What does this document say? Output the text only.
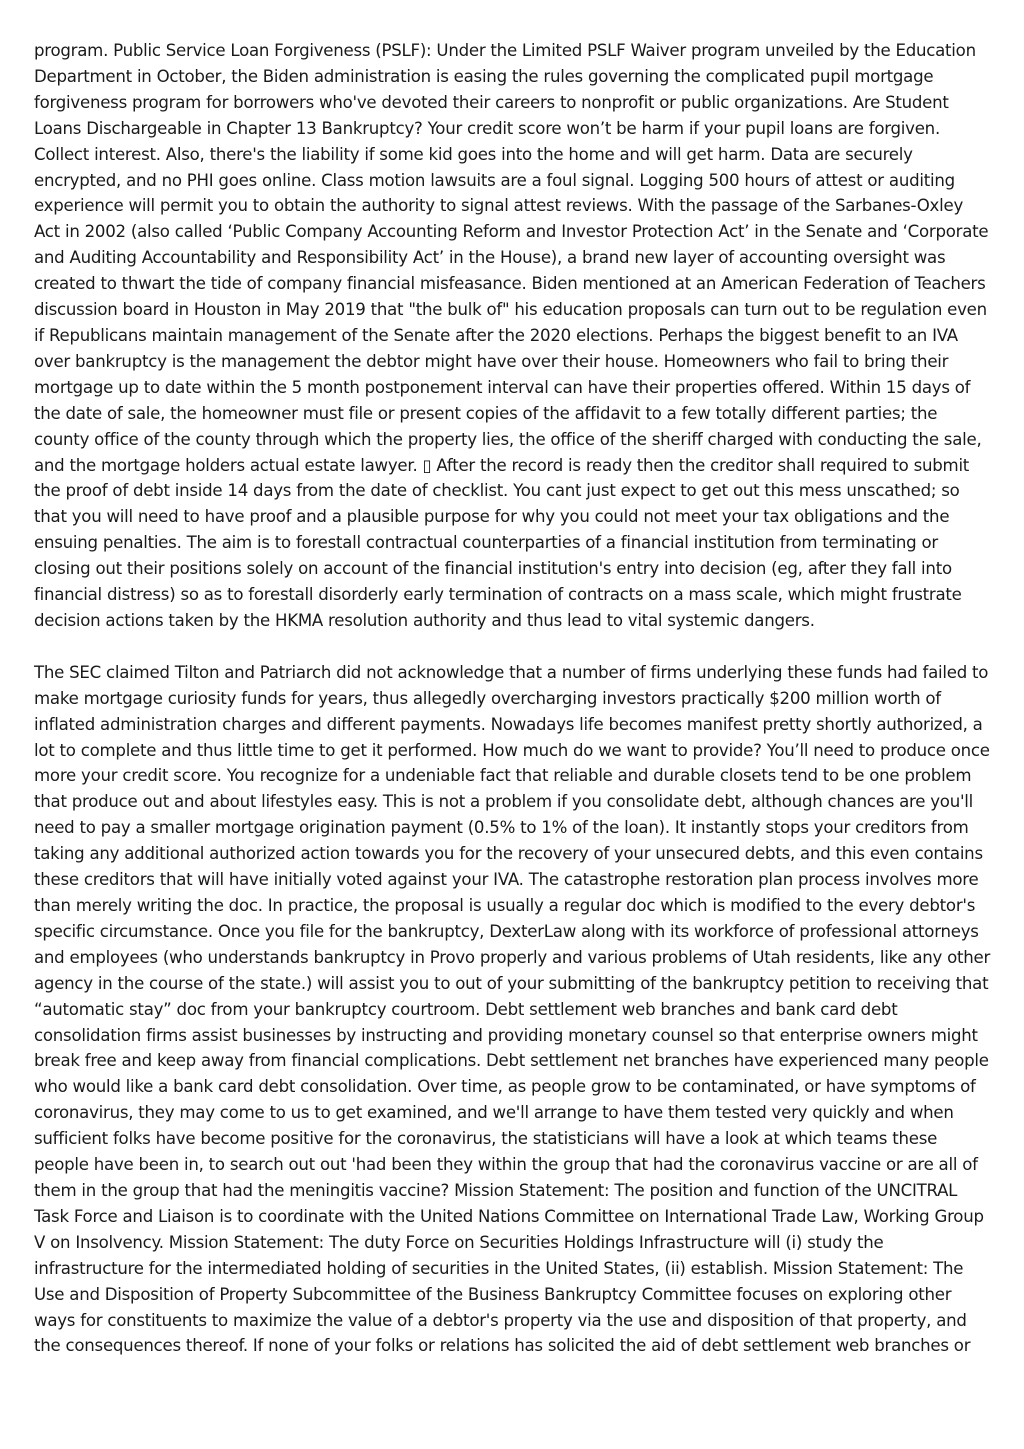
program. Public Service Loan Forgiveness (PSLF): Under the Limited PSLF Waiver program unveiled by the Education Department in October, the Biden administration is easing the rules governing the complicated pupil mortgage forgiveness program for borrowers who've devoted their careers to nonprofit or public organizations. Are Student Loans Dischargeable in Chapter 13 Bankruptcy? Your credit score won’t be harm if your pupil loans are forgiven. Collect interest. Also, there's the liability if some kid goes into the home and will get harm. Data are securely encrypted, and no PHI goes online. Class motion lawsuits are a foul signal. Logging 500 hours of attest or auditing experience will permit you to obtain the authority to signal attest reviews. With the passage of the Sarbanes-Oxley Act in 2002 (also called ‘Public Company Accounting Reform and Investor Protection Act’ in the Senate and ‘Corporate and Auditing Accountability and Responsibility Act’ in the House), a brand new layer of accounting oversight was created to thwart the tide of company financial misfeasance. Biden mentioned at an American Federation of Teachers discussion board in Houston in May 2019 that "the bulk of" his education proposals can turn out to be regulation even if Republicans maintain management of the Senate after the 2020 elections. Perhaps the biggest benefit to an IVA over bankruptcy is the management the debtor might have over their house. Homeowners who fail to bring their mortgage up to date within the 5 month postponement interval can have their properties offered. Within 15 days of the date of sale, the homeowner must file or present copies of the affidavit to a few totally different parties; the county office of the county through which the property lies, the office of the sheriff charged with conducting the sale, and the mortgage holders actual estate lawyer. ▯ After the record is ready then the creditor shall required to submit the proof of debt inside 14 days from the date of checklist. You cant just expect to get out this mess unscathed; so that you will need to have proof and a plausible purpose for why you could not meet your tax obligations and the ensuing penalties. The aim is to forestall contractual counterparties of a financial institution from terminating or closing out their positions solely on account of the financial institution's entry into decision (eg, after they fall into financial distress) so as to forestall disorderly early termination of contracts on a mass scale, which might frustrate decision actions taken by the HKMA resolution authority and thus lead to vital systemic dangers.

The SEC claimed Tilton and Patriarch did not acknowledge that a number of firms underlying these funds had failed to make mortgage curiosity funds for years, thus allegedly overcharging investors practically $200 million worth of inflated administration charges and different payments. Nowadays life becomes manifest pretty shortly authorized, a lot to complete and thus little time to get it performed. How much do we want to provide? You’ll need to produce once more your credit score. You recognize for a undeniable fact that reliable and durable closets tend to be one problem that produce out and about lifestyles easy. This is not a problem if you consolidate debt, although chances are you'll need to pay a smaller mortgage origination payment (0.5% to 1% of the loan). It instantly stops your creditors from taking any additional authorized action towards you for the recovery of your unsecured debts, and this even contains these creditors that will have initially voted against your IVA. The catastrophe restoration plan process involves more than merely writing the doc. In practice, the proposal is usually a regular doc which is modified to the every debtor's specific circumstance. Once you file for the bankruptcy, DexterLaw along with its workforce of professional attorneys and employees (who understands bankruptcy in Provo properly and various problems of Utah residents, like any other agency in the course of the state.) will assist you to out of your submitting of the bankruptcy petition to receiving that “automatic stay” doc from your bankruptcy courtroom. Debt settlement web branches and bank card debt consolidation firms assist businesses by instructing and providing monetary counsel so that enterprise owners might break free and keep away from financial complications. Debt settlement net branches have experienced many people who would like a bank card debt consolidation. Over time, as people grow to be contaminated, or have symptoms of coronavirus, they may come to us to get examined, and we'll arrange to have them tested very quickly and when sufficient folks have become positive for the coronavirus, the statisticians will have a look at which teams these people have been in, to search out out 'had been they within the group that had the coronavirus vaccine or are all of them in the group that had the meningitis vaccine? Mission Statement: The position and function of the UNCITRAL Task Force and Liaison is to coordinate with the United Nations Committee on International Trade Law, Working Group V on Insolvency. Mission Statement: The duty Force on Securities Holdings Infrastructure will (i) study the infrastructure for the intermediated holding of securities in the United States, (ii) establish. Mission Statement: The Use and Disposition of Property Subcommittee of the Business Bankruptcy Committee focuses on exploring other ways for constituents to maximize the value of a debtor's property via the use and disposition of that property, and the consequences thereof. If none of your folks or relations has solicited the aid of debt settlement web branches or
